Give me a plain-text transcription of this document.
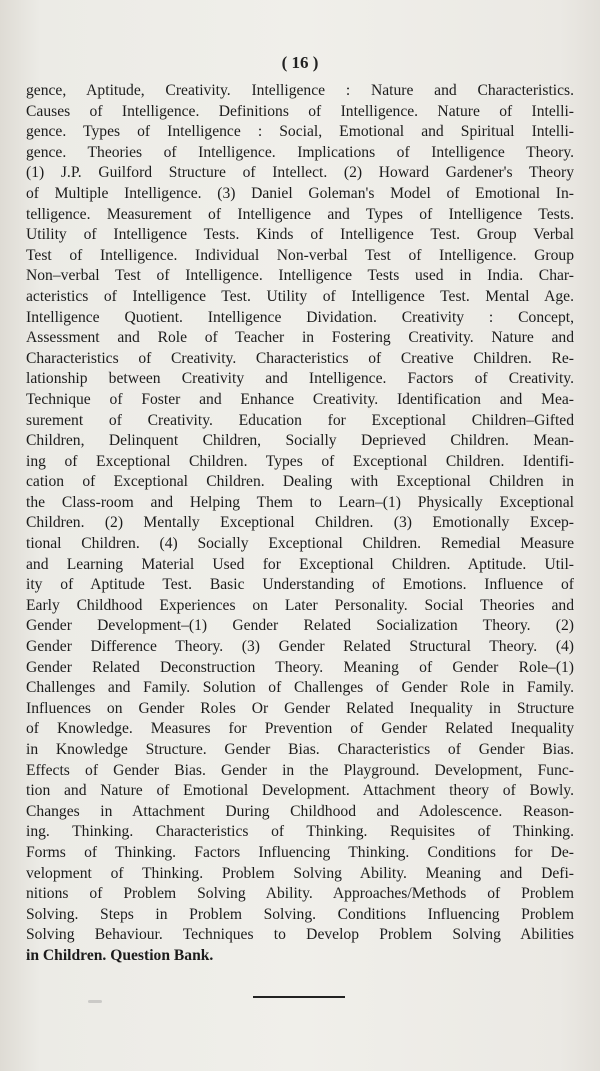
( 16 )
gence, Aptitude, Creativity. Intelligence : Nature and Characteristics.
Causes of Intelligence. Definitions of Intelligence. Nature of Intelli-
gence. Types of Intelligence : Social, Emotional and Spiritual Intelli-
gence. Theories of Intelligence. Implications of Intelligence Theory.
(1) J.P. Guilford Structure of Intellect. (2) Howard Gardener's Theory
of Multiple Intelligence. (3) Daniel Goleman's Model of Emotional In-
telligence. Measurement of Intelligence and Types of Intelligence Tests.
Utility of Intelligence Tests. Kinds of Intelligence Test. Group Verbal
Test of Intelligence. Individual Non-verbal Test of Intelligence. Group
Non–verbal Test of Intelligence. Intelligence Tests used in India. Char-
acteristics of Intelligence Test. Utility of Intelligence Test. Mental Age.
Intelligence Quotient. Intelligence Dividation. Creativity : Concept,
Assessment and Role of Teacher in Fostering Creativity. Nature and
Characteristics of Creativity. Characteristics of Creative Children. Re-
lationship between Creativity and Intelligence. Factors of Creativity.
Technique of Foster and Enhance Creativity. Identification and Mea-
surement of Creativity. Education for Exceptional Children–Gifted
Children, Delinquent Children, Socially Deprieved Children. Mean-
ing of Exceptional Children. Types of Exceptional Children. Identifi-
cation of Exceptional Children. Dealing with Exceptional Children in
the Class-room and Helping Them to Learn–(1) Physically Exceptional
Children. (2) Mentally Exceptional Children. (3) Emotionally Excep-
tional Children. (4) Socially Exceptional Children. Remedial Measure
and Learning Material Used for Exceptional Children. Aptitude. Util-
ity of Aptitude Test. Basic Understanding of Emotions. Influence of
Early Childhood Experiences on Later Personality. Social Theories and
Gender Development–(1) Gender Related Socialization Theory. (2)
Gender Difference Theory. (3) Gender Related Structural Theory. (4)
Gender Related Deconstruction Theory. Meaning of Gender Role–(1)
Challenges and Family. Solution of Challenges of Gender Role in Family.
Influences on Gender Roles Or Gender Related Inequality in Structure
of Knowledge. Measures for Prevention of Gender Related Inequality
in Knowledge Structure. Gender Bias. Characteristics of Gender Bias.
Effects of Gender Bias. Gender in the Playground. Development, Func-
tion and Nature of Emotional Development. Attachment theory of Bowly.
Changes in Attachment During Childhood and Adolescence. Reason-
ing. Thinking. Characteristics of Thinking. Requisites of Thinking.
Forms of Thinking. Factors Influencing Thinking. Conditions for De-
velopment of Thinking. Problem Solving Ability. Meaning and Defi-
nitions of Problem Solving Ability. Approaches/Methods of Problem
Solving. Steps in Problem Solving. Conditions Influencing Problem
Solving Behaviour. Techniques to Develop Problem Solving Abilities
in Children. Question Bank.
